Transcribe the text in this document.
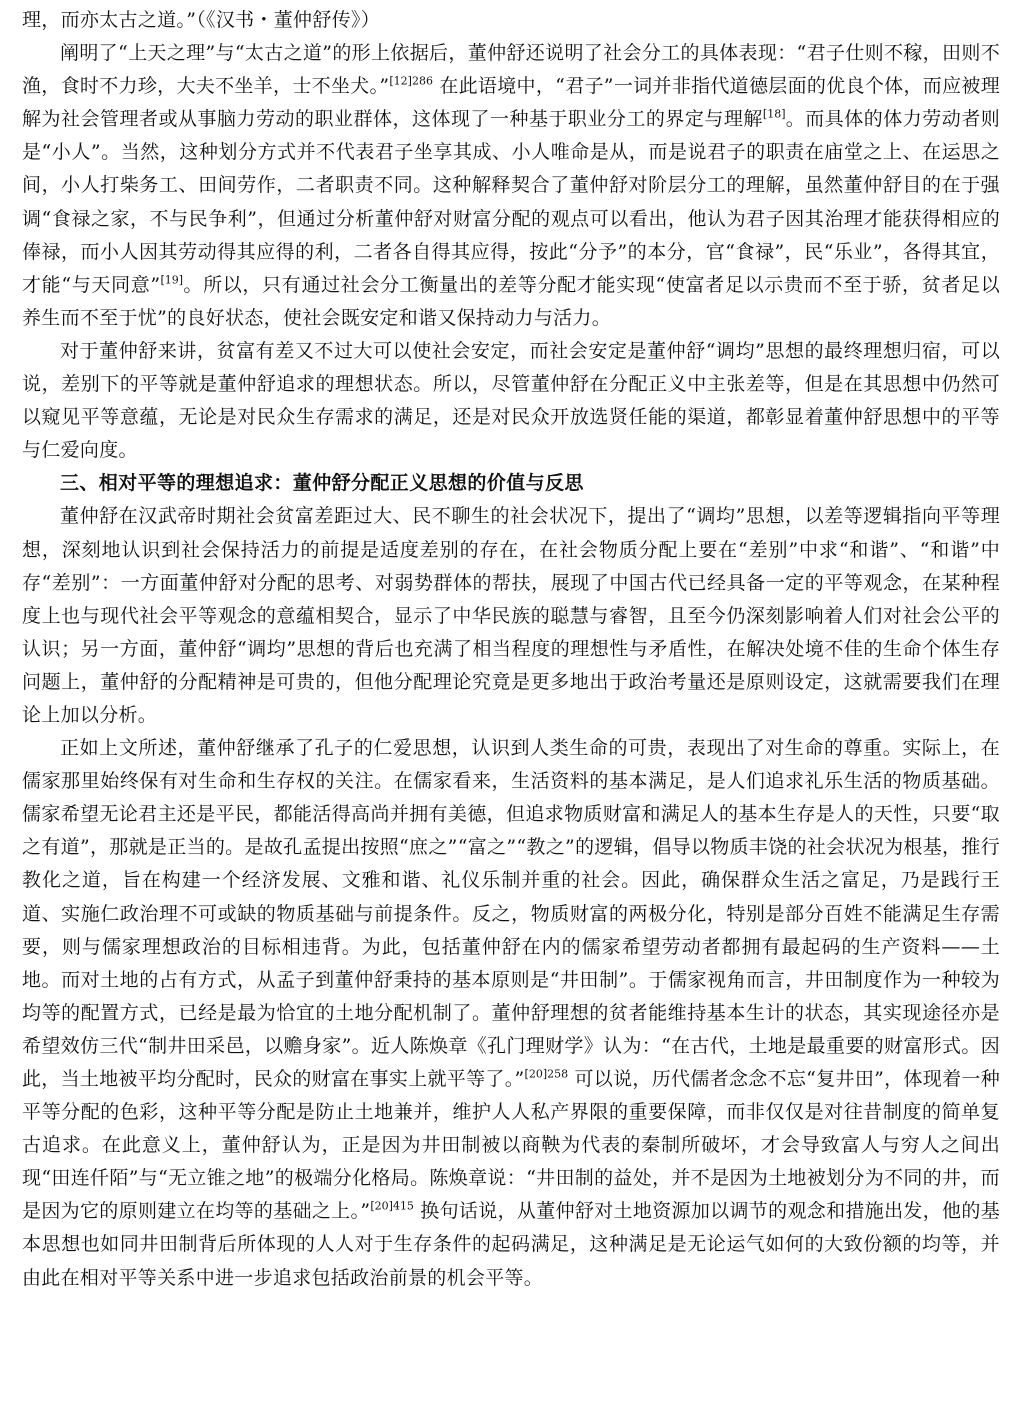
理，而亦太古之道。”（《汉书・董仲舒传》）

阐明了“上天之理”与“太古之道”的形上依据后，董仲舒还说明了社会分工的具体表现：“君子仕则不稼，田则不渔，食时不力珍，大夫不坐羊，士不坐犬。”$^{[12]286}$ 在此语境中，“君子”一词并非指代道德层面的优良个体，而应被理解为社会管理者或从事脑力劳动的职业群体，这体现了一种基于职业分工的界定与理解[18]。而具体的体力劳动者则是“小人”。当然，这种划分方式并不代表君子坐享其成、小人唯命是从，而是说君子的职责在庙堂之上、在运思之间，小人打柴务工、田间劳作，二者职责不同。这种解释契合了董仲舒对阶层分工的理解，虽然董仲舒目的在于强调“食禄之家，不与民争利”，但通过分析董仲舒对财富分配的观点可以看出，他认为君子因其治理才能获得相应的俸禄，而小人因其劳动得其应得的利，二者各自得其应得，按此“分予”的本分，官“食禄”，民“乐业”，各得其宜，才能“与天同意”[19]。所以，只有通过社会分工衡量出的差等分配才能实现“使富者足以示贵而不至于骄，贫者足以养生而不至于忧”的良好状态，使社会既安定和谐又保持动力与活力。

对于董仲舒来讲，贫富有差又不过大可以使社会安定，而社会安定是董仲舒“调均”思想的最终理想归宿，可以说，差别下的平等就是董仲舒追求的理想状态。所以，尽管董仲舒在分配正义中主张差等，但是在其思想中仍然可以窥见平等意蕴，无论是对民众生存需求的满足，还是对民众开放选贤任能的渠道，都彰显着董仲舒思想中的平等与仁爱向度。

三、相对平等的理想追求：董仲舒分配正义思想的价值与反思

董仲舒在汉武帝时期社会贫富差距过大、民不聊生的社会状况下，提出了“调均”思想，以差等逻辑指向平等理想，深刻地认识到社会保持活力的前提是适度差别的存在，在社会物质分配上要在“差别”中求“和谐”、“和谐”中存“差别”：一方面董仲舒对分配的思考、对弱势群体的帮扶，展现了中国古代已经具备一定的平等观念，在某种程度上也与现代社会平等观念的意蕴相契合，显示了中华民族的聪慧与睿智，且至今仍深刻影响着人们对社会公平的认识；另一方面，董仲舒“调均”思想的背后也充满了相当程度的理想性与矛盾性，在解决处境不佳的生命个体生存问题上，董仲舒的分配精神是可贵的，但他分配理论究竟是更多地出于政治考量还是原则设定，这就需要我们在理论上加以分析。

正如上文所述，董仲舒继承了孔子的仁爱思想，认识到人类生命的可贵，表现出了对生命的尊重。实际上，在儒家那里始终保有对生命和生存权的关注。在儒家看来，生活资料的基本满足，是人们追求礼乐生活的物质基础。儒家希望无论君主还是平民，都能活得高尚并拥有美德，但追求物质财富和满足人的基本生存是人的天性，只要“取之有道”，那就是正当的。是故孔孟提出按照“庶之”“富之”“教之”的逻辑，倡导以物质丰饶的社会状况为根基，推行教化之道，旨在构建一个经济发展、文雅和谐、礼仪乐制并重的社会。因此，确保群众生活之富足，乃是践行王道、实施仁政治理不可或缺的物质基础与前提条件。反之，物质财富的两极分化，特别是部分百姓不能满足生存需要，则与儒家理想政治的目标相违背。为此，包括董仲舒在内的儒家希望劳动者都拥有最起码的生产资料——土地。而对土地的占有方式，从孟子到董仲舒秉持的基本原则是“井田制”。于儒家视角而言，井田制度作为一种较为均等的配置方式，已经是最为恰宜的土地分配机制了。董仲舒理想的贫者能维持基本生计的状态，其实现途径亦是希望效仿三代“制井田采邑，以赡身家”。近人陈焕章《孔门理财学》认为：“在古代，土地是最重要的财富形式。因此，当土地被平均分配时，民众的财富在事实上就平等了。”$^{[20]258}$ 可以说，历代儒者念念不忘“复井田”，体现着一种平等分配的色彩，这种平等分配是防止土地兼并，维护人人私产界限的重要保障，而非仅仅是对往昔制度的简单复古追求。在此意义上，董仲舒认为，正是因为井田制被以商鞅为代表的秦制所破坏，才会导致富人与穷人之间出现“田连仟陌”与“无立锥之地”的极端分化格局。陈焕章说：“井田制的益处，并不是因为土地被划分为不同的井，而是因为它的原则建立在均等的基础之上。”$^{[20]415}$ 换句话说，从董仲舒对土地资源加以调节的观念和措施出发，他的基本思想也如同井田制背后所体现的人人对于生存条件的起码满足，这种满足是无论运气如何的大致份额的均等，并由此在相对平等关系中进一步追求包括政治前景的机会平等。
